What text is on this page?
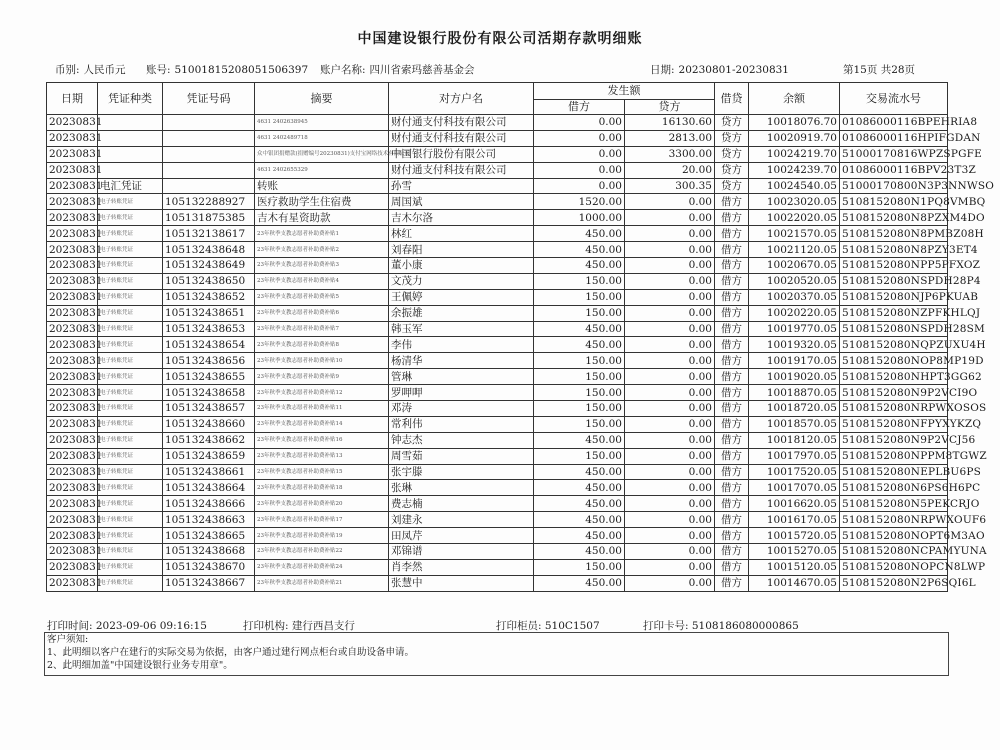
中国建设银行股份有限公司活期存款明细账
币别: 人民币元 账号: 51001815208051506397 账户名称: 四川省索玛慈善基金会	日期: 20230801-20230831	第15页 共28页
日期	凭证种类	凭证号码	摘要	对方户名	发生额		借贷	余额	交易流水号
					借方	贷方			
20230831			4631 2402638945	财付通支付科技有限公司	0.00	16130.60	贷方	10018076.70	01086000116BPEHRIA8
20230831			4631 2402489718	财付通支付科技有限公司	0.00	2813.00	贷方	10020919.70	01086000116HPIFGDAN
20230831			众中银团捐赠款(捐赠编号20230831)支付宝网络技术有限公司	中国银行股份有限公司	0.00	3300.00	贷方	10024219.70	51000170816WPZSPGFE
20230831			4631 2402655329	财付通支付科技有限公司	0.00	20.00	贷方	10024239.70	01086000116BPV23T3Z
20230831	电汇凭证		转账	孙雪	0.00	300.35	贷方	10024540.05	51000170800N3P3NNWSO
20230831	电子转账凭证	105132288927	医疗救助学生住宿费	周国斌	1520.00	0.00	借方	10023020.05	5108152080N1PQ8VMBQ
20230831	电子转账凭证	105131875385	吉木有星资助款	吉木尔洛	1000.00	0.00	借方	10022020.05	5108152080N8PZXM4DO
20230831	电子转账凭证	105132138617	23年秋季支教志愿者补助费补贴1	林红	450.00	0.00	借方	10021570.05	5108152080N8PMBZ08H
20230831	电子转账凭证	105132438648	23年秋季支教志愿者补助费补贴2	刘春阳	450.00	0.00	借方	10021120.05	5108152080N8PZY3ET4
20230831	电子转账凭证	105132438649	23年秋季支教志愿者补助费补贴3	董小康	450.00	0.00	借方	10020670.05	5108152080NPP5PFXOZ
20230831	电子转账凭证	105132438650	23年秋季支教志愿者补助费补贴4	文茂力	150.00	0.00	借方	10020520.05	5108152080NSPDH28P4
20230831	电子转账凭证	105132438652	23年秋季支教志愿者补助费补贴5	王佩婷	150.00	0.00	借方	10020370.05	5108152080NJP6PKUAB
20230831	电子转账凭证	105132438651	23年秋季支教志愿者补助费补贴6	余振雄	150.00	0.00	借方	10020220.05	5108152080NZPFKHLQJ
20230831	电子转账凭证	105132438653	23年秋季支教志愿者补助费补贴7	韩玉军	450.00	0.00	借方	10019770.05	5108152080NSPDH28SM
20230831	电子转账凭证	105132438654	23年秋季支教志愿者补助费补贴8	李伟	450.00	0.00	借方	10019320.05	5108152080NQPZUXU4H
20230831	电子转账凭证	105132438656	23年秋季支教志愿者补助费补贴10	杨清华	150.00	0.00	借方	10019170.05	5108152080NOP8MP19D
20230831	电子转账凭证	105132438655	23年秋季支教志愿者补助费补贴9	管琳	150.00	0.00	借方	10019020.05	5108152080NHPT3GG62
20230831	电子转账凭证	105132438658	23年秋季支教志愿者补助费补贴12	罗呷呷	150.00	0.00	借方	10018870.05	5108152080N9P2VCI9O
20230831	电子转账凭证	105132438657	23年秋季支教志愿者补助费补贴11	邓涛	150.00	0.00	借方	10018720.05	5108152080NRPWXOSOS
20230831	电子转账凭证	105132438660	23年秋季支教志愿者补助费补贴14	常利伟	150.00	0.00	借方	10018570.05	5108152080NFPYXYKZQ
20230831	电子转账凭证	105132438662	23年秋季支教志愿者补助费补贴16	钟志杰	450.00	0.00	借方	10018120.05	5108152080N9P2VCJ56
20230831	电子转账凭证	105132438659	23年秋季支教志愿者补助费补贴13	周雪茹	150.00	0.00	借方	10017970.05	5108152080NPPM8TGWZ
20230831	电子转账凭证	105132438661	23年秋季支教志愿者补助费补贴15	张宇滕	450.00	0.00	借方	10017520.05	5108152080NEPLBU6PS
20230831	电子转账凭证	105132438664	23年秋季支教志愿者补助费补贴18	张琳	450.00	0.00	借方	10017070.05	5108152080N6PS6H6PC
20230831	电子转账凭证	105132438666	23年秋季支教志愿者补助费补贴20	费志楠	450.00	0.00	借方	10016620.05	5108152080N5PEKCRJO
20230831	电子转账凭证	105132438663	23年秋季支教志愿者补助费补贴17	刘建永	450.00	0.00	借方	10016170.05	5108152080NRPWXOUF6
20230831	电子转账凭证	105132438665	23年秋季支教志愿者补助费补贴19	田凤芹	450.00	0.00	借方	10015720.05	5108152080NOPT6M3AO
20230831	电子转账凭证	105132438668	23年秋季支教志愿者补助费补贴22	邓锦谱	450.00	0.00	借方	10015270.05	5108152080NCPAMYUNA
20230831	电子转账凭证	105132438670	23年秋季支教志愿者补助费补贴24	肖李然	150.00	0.00	借方	10015120.05	5108152080NOPCN8LWP
20230831	电子转账凭证	105132438667	23年秋季支教志愿者补助费补贴21	张慧中	450.00	0.00	借方	10014670.05	5108152080N2P6SQI6L
打印时间: 2023-09-06 09:16:15	打印机构: 建行西昌支行	打印柜员: 510C1507	打印卡号: 5108186080000865
客户须知:
1、此明细以客户在建行的实际交易为依据，由客户通过建行网点柜台或自助设备申请。
2、此明细加盖"中国建设银行业务专用章"。
